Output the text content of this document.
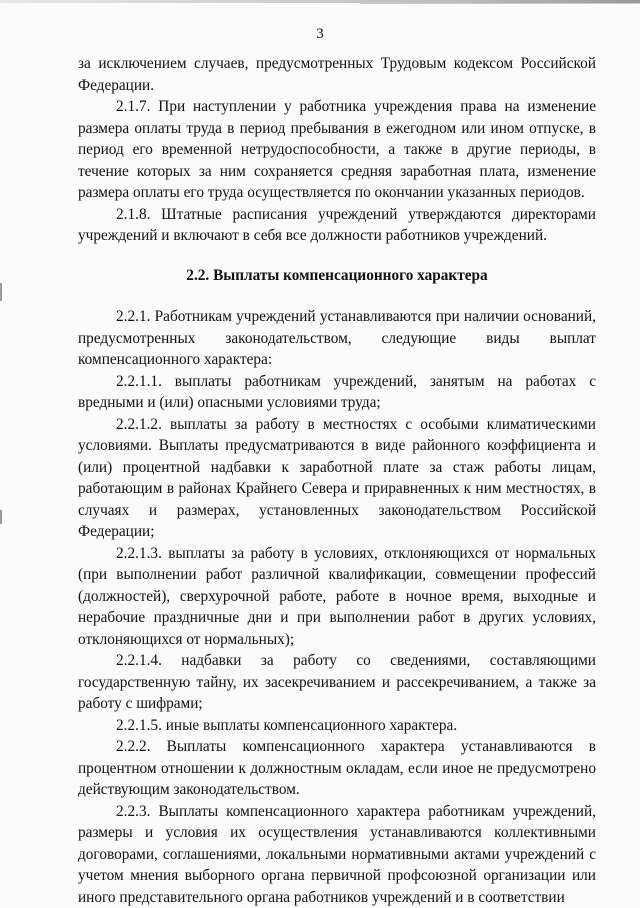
3

за исключением случаев, предусмотренных Трудовым кодексом Российской Федерации.

2.1.7. При наступлении у работника учреждения права на изменение размера оплаты труда в период пребывания в ежегодном или ином отпуске, в период его временной нетрудоспособности, а также в другие периоды, в течение которых за ним сохраняется средняя заработная плата, изменение размера оплаты его труда осуществляется по окончании указанных периодов.

2.1.8. Штатные расписания учреждений утверждаются директорами учреждений и включают в себя все должности работников учреждений.

2.2. Выплаты компенсационного характера

2.2.1. Работникам учреждений устанавливаются при наличии оснований, предусмотренных законодательством, следующие виды выплат компенсационного характера:

2.2.1.1. выплаты работникам учреждений, занятым на работах с вредными и (или) опасными условиями труда;

2.2.1.2. выплаты за работу в местностях с особыми климатическими условиями. Выплаты предусматриваются в виде районного коэффициента и (или) процентной надбавки к заработной плате за стаж работы лицам, работающим в районах Крайнего Севера и приравненных к ним местностях, в случаях и размерах, установленных законодательством Российской Федерации;

2.2.1.3. выплаты за работу в условиях, отклоняющихся от нормальных (при выполнении работ различной квалификации, совмещении профессий (должностей), сверхурочной работе, работе в ночное время, выходные и нерабочие праздничные дни и при выполнении работ в других условиях, отклоняющихся от нормальных);

2.2.1.4. надбавки за работу со сведениями, составляющими государственную тайну, их засекречиванием и рассекречиванием, а также за работу с шифрами;

2.2.1.5. иные выплаты компенсационного характера.

2.2.2. Выплаты компенсационного характера устанавливаются в процентном отношении к должностным окладам, если иное не предусмотрено действующим законодательством.

2.2.3. Выплаты компенсационного характера работникам учреждений, размеры и условия их осуществления устанавливаются коллективными договорами, соглашениями, локальными нормативными актами учреждений с учетом мнения выборного органа первичной профсоюзной организации или иного представительного органа работников учреждений и в соответствии
